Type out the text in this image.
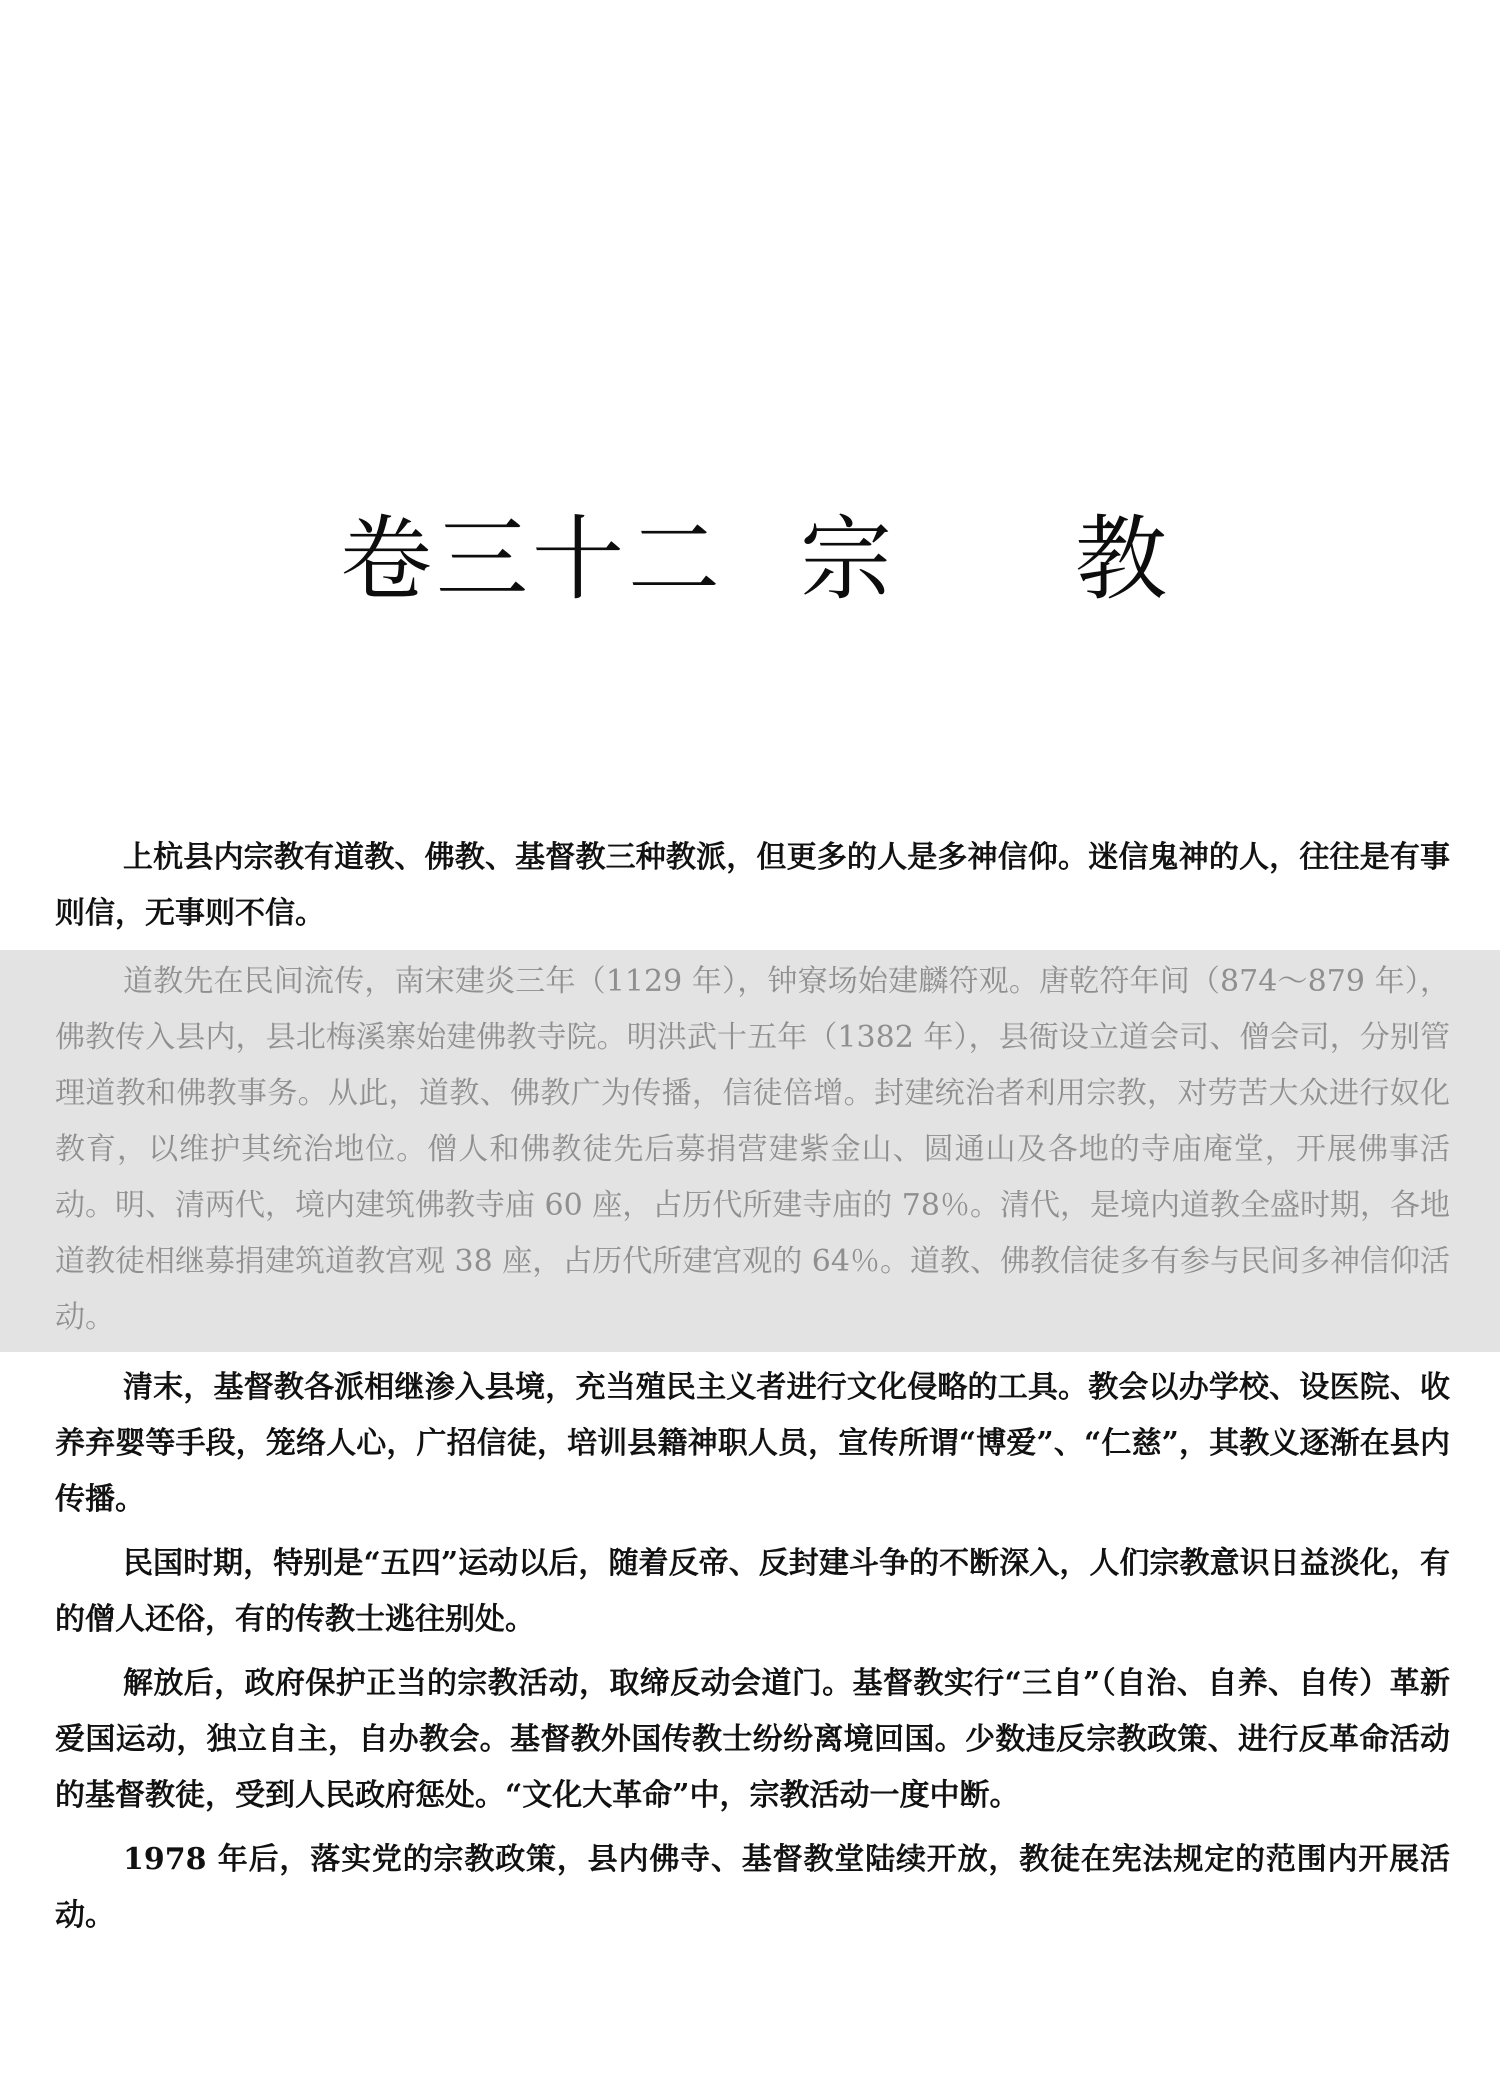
卷三十二 宗 教

上杭县内宗教有道教、佛教、基督教三种教派，但更多的人是多神信仰。迷信鬼神的人，往往是有事则信，无事则不信。

道教先在民间流传，南宋建炎三年（1129 年），钟寮场始建麟符观。唐乾符年间（874～879 年），佛教传入县内，县北梅溪寨始建佛教寺院。明洪武十五年（1382 年），县衙设立道会司、僧会司，分别管理道教和佛教事务。从此，道教、佛教广为传播，信徒倍增。封建统治者利用宗教，对劳苦大众进行奴化教育，以维护其统治地位。僧人和佛教徒先后募捐营建紫金山、圆通山及各地的寺庙庵堂，开展佛事活动。明、清两代，境内建筑佛教寺庙 60 座，占历代所建寺庙的 78％。清代，是境内道教全盛时期，各地道教徒相继募捐建筑道教宫观 38 座，占历代所建宫观的 64％。道教、佛教信徒多有参与民间多神信仰活动。

清末，基督教各派相继渗入县境，充当殖民主义者进行文化侵略的工具。教会以办学校、设医院、收养弃婴等手段，笼络人心，广招信徒，培训县籍神职人员，宣传所谓“博爱”、“仁慈”，其教义逐渐在县内传播。

民国时期，特别是“五四”运动以后，随着反帝、反封建斗争的不断深入，人们宗教意识日益淡化，有的僧人还俗，有的传教士逃往别处。

解放后，政府保护正当的宗教活动，取缔反动会道门。基督教实行“三自”（自治、自养、自传）革新爱国运动，独立自主，自办教会。基督教外国传教士纷纷离境回国。少数违反宗教政策、进行反革命活动的基督教徒，受到人民政府惩处。“文化大革命”中，宗教活动一度中断。

1978 年后，落实党的宗教政策，县内佛寺、基督教堂陆续开放，教徒在宪法规定的范围内开展活动。
